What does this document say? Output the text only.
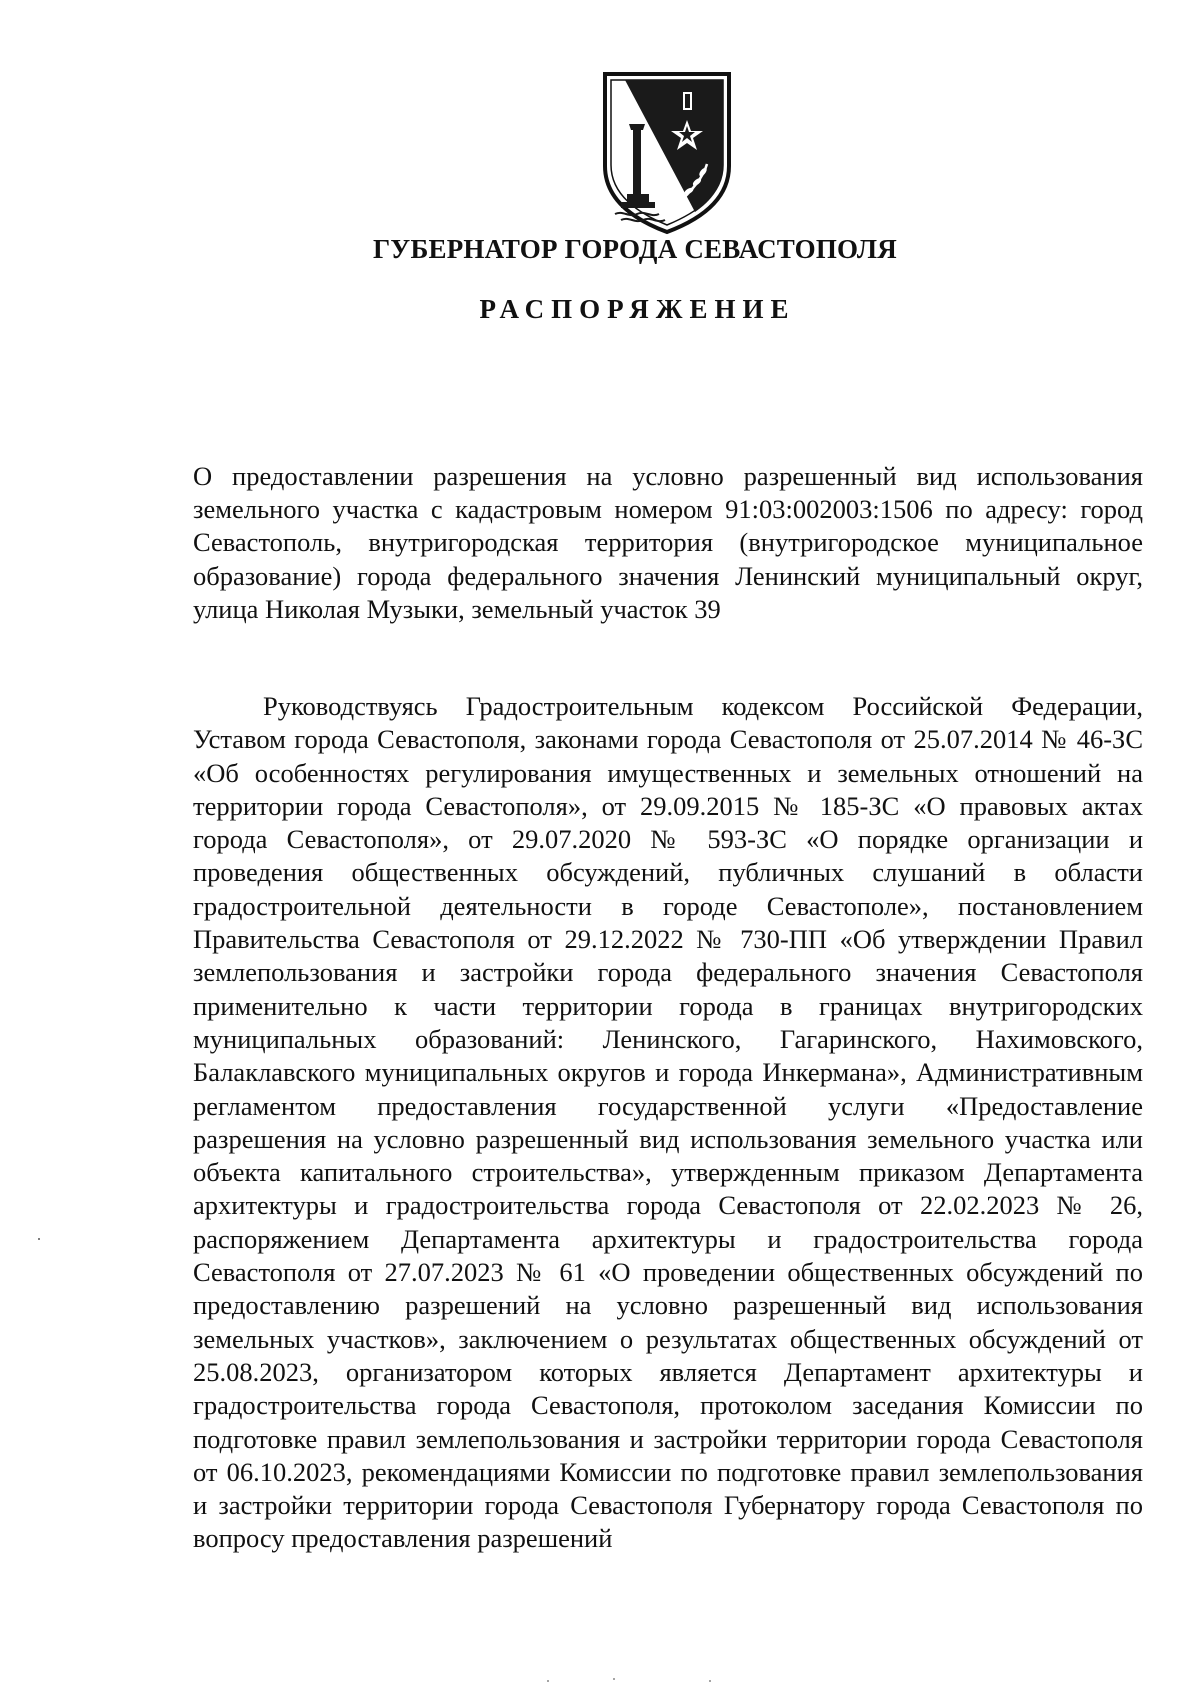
ГУБЕРНАТОР ГОРОДА СЕВАСТОПОЛЯ
РАСПОРЯЖЕНИЕ
О предоставлении разрешения на условно разрешенный вид использования земельного участка с кадастровым номером 91:03:002003:1506 по адресу: город Севастополь, внутригородская территория (внутригородское муниципальное образование) города федерального значения Ленинский муниципальный округ, улица Николая Музыки, земельный участок 39
Руководствуясь Градостроительным кодексом Российской Федерации, Уставом города Севастополя, законами города Севастополя от 25.07.2014 № 46-ЗС «Об особенностях регулирования имущественных и земельных отношений на территории города Севастополя», от 29.09.2015 № 185-ЗС «О правовых актах города Севастополя», от 29.07.2020 № 593-ЗС «О порядке организации и проведения общественных обсуждений, публичных слушаний в области градостроительной деятельности в городе Севастополе», постановлением Правительства Севастополя от 29.12.2022 № 730-ПП «Об утверждении Правил землепользования и застройки города федерального значения Севастополя применительно к части территории города в границах внутригородских муниципальных образований: Ленинского, Гагаринского, Нахимовского, Балаклавского муниципальных округов и города Инкермана», Административным регламентом предоставления государственной услуги «Предоставление разрешения на условно разрешенный вид использования земельного участка или объекта капитального строительства», утвержденным приказом Департамента архитектуры и градостроительства города Севастополя от 22.02.2023 № 26, распоряжением Департамента архитектуры и градостроительства города Севастополя от 27.07.2023 № 61 «О проведении общественных обсуждений по предоставлению разрешений на условно разрешенный вид использования земельных участков», заключением о результатах общественных обсуждений от 25.08.2023, организатором которых является Департамент архитектуры и градостроительства города Севастополя, протоколом заседания Комиссии по подготовке правил землепользования и застройки территории города Севастополя от 06.10.2023, рекомендациями Комиссии по подготовке правил землепользования и застройки территории города Севастополя Губернатору города Севастополя по вопросу предоставления разрешений
